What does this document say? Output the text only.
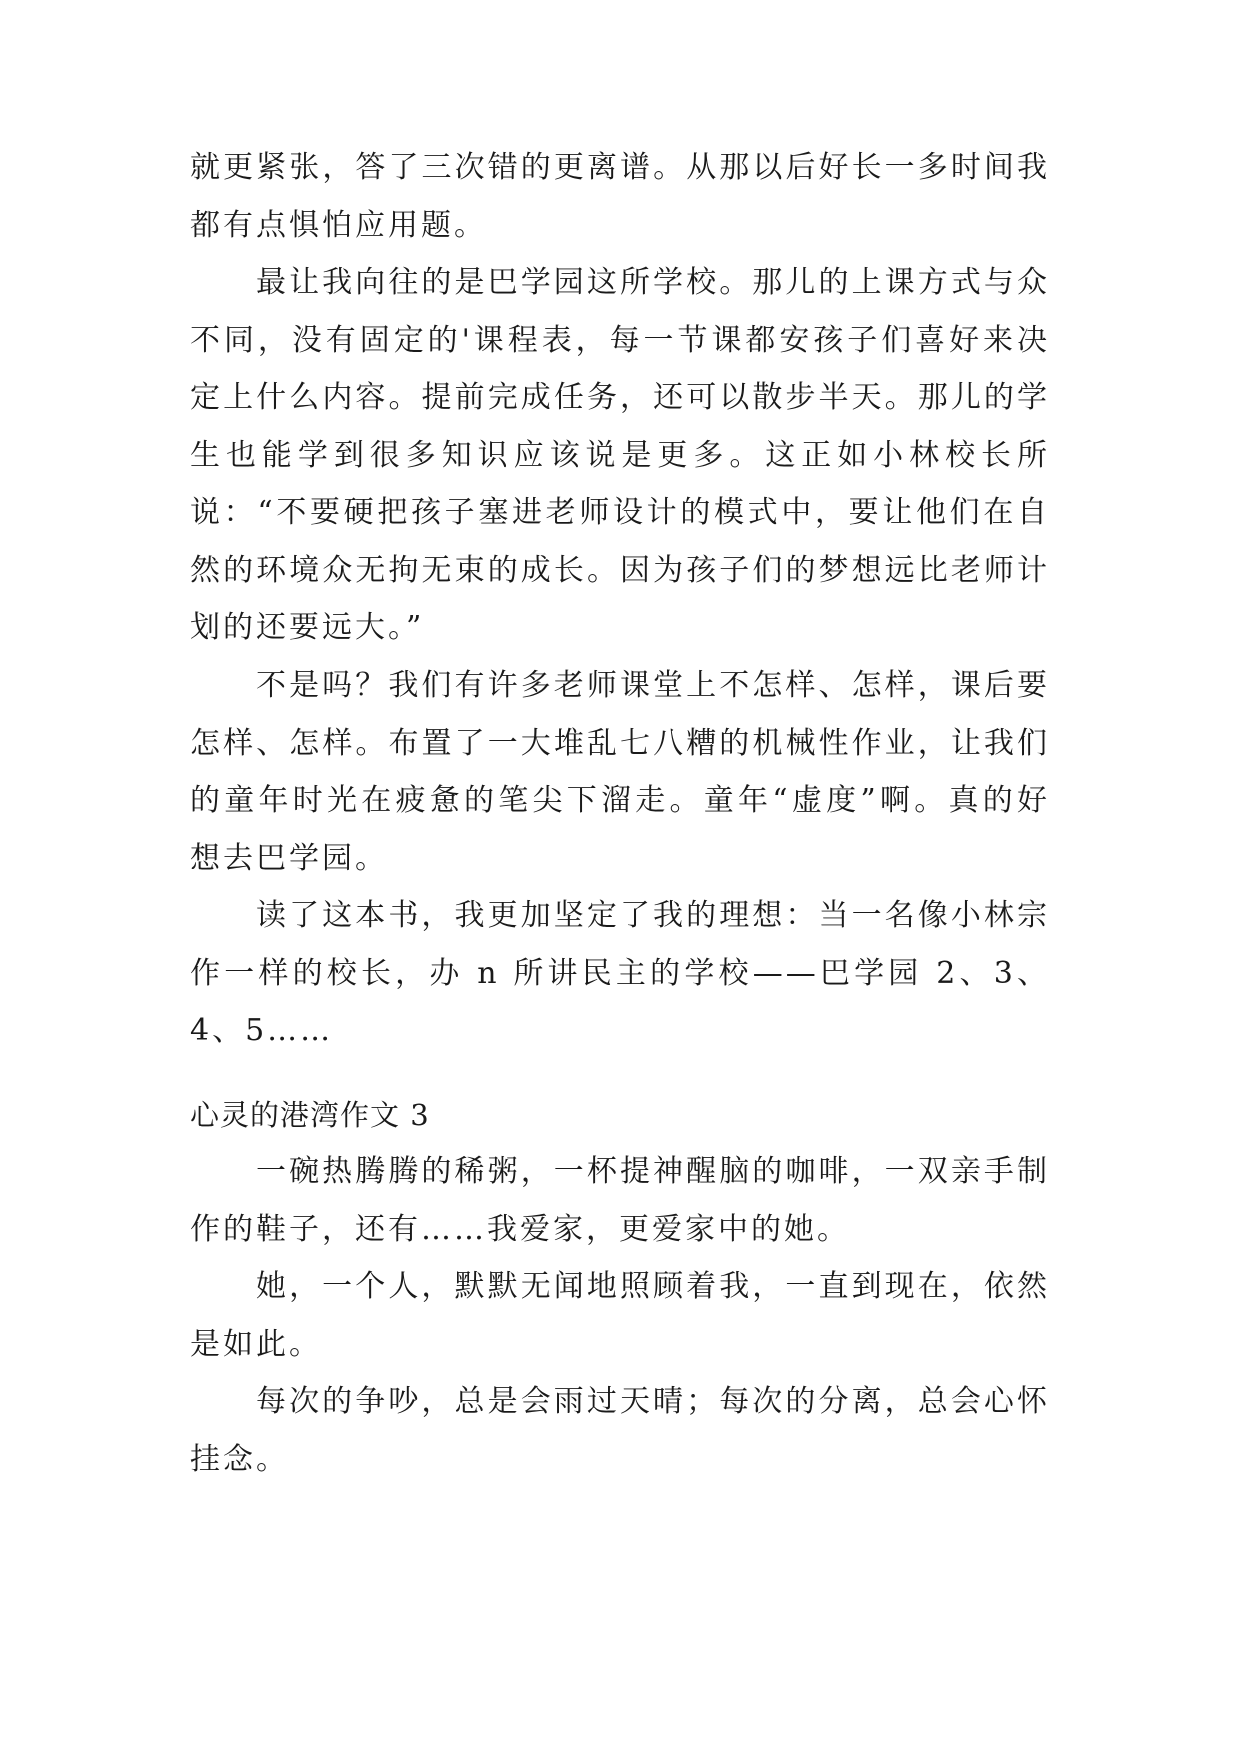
就更紧张，答了三次错的更离谱。从那以后好长一多时间我都有点惧怕应用题。

最让我向往的是巴学园这所学校。那儿的上课方式与众不同，没有固定的'课程表，每一节课都安孩子们喜好来决定上什么内容。提前完成任务，还可以散步半天。那儿的学生也能学到很多知识应该说是更多。这正如小林校长所说：“不要硬把孩子塞进老师设计的模式中，要让他们在自然的环境众无拘无束的成长。因为孩子们的梦想远比老师计划的还要远大。”

不是吗？我们有许多老师课堂上不怎样、怎样，课后要怎样、怎样。布置了一大堆乱七八糟的机械性作业，让我们的童年时光在疲惫的笔尖下溜走。童年“虚度”啊。真的好想去巴学园。

读了这本书，我更加坚定了我的理想：当一名像小林宗作一样的校长，办 n 所讲民主的学校——巴学园 2、3、4、5……

心灵的港湾作文 3

一碗热腾腾的稀粥，一杯提神醒脑的咖啡，一双亲手制作的鞋子，还有……我爱家，更爱家中的她。

她，一个人，默默无闻地照顾着我，一直到现在，依然是如此。

每次的争吵，总是会雨过天晴；每次的分离，总会心怀挂念。
